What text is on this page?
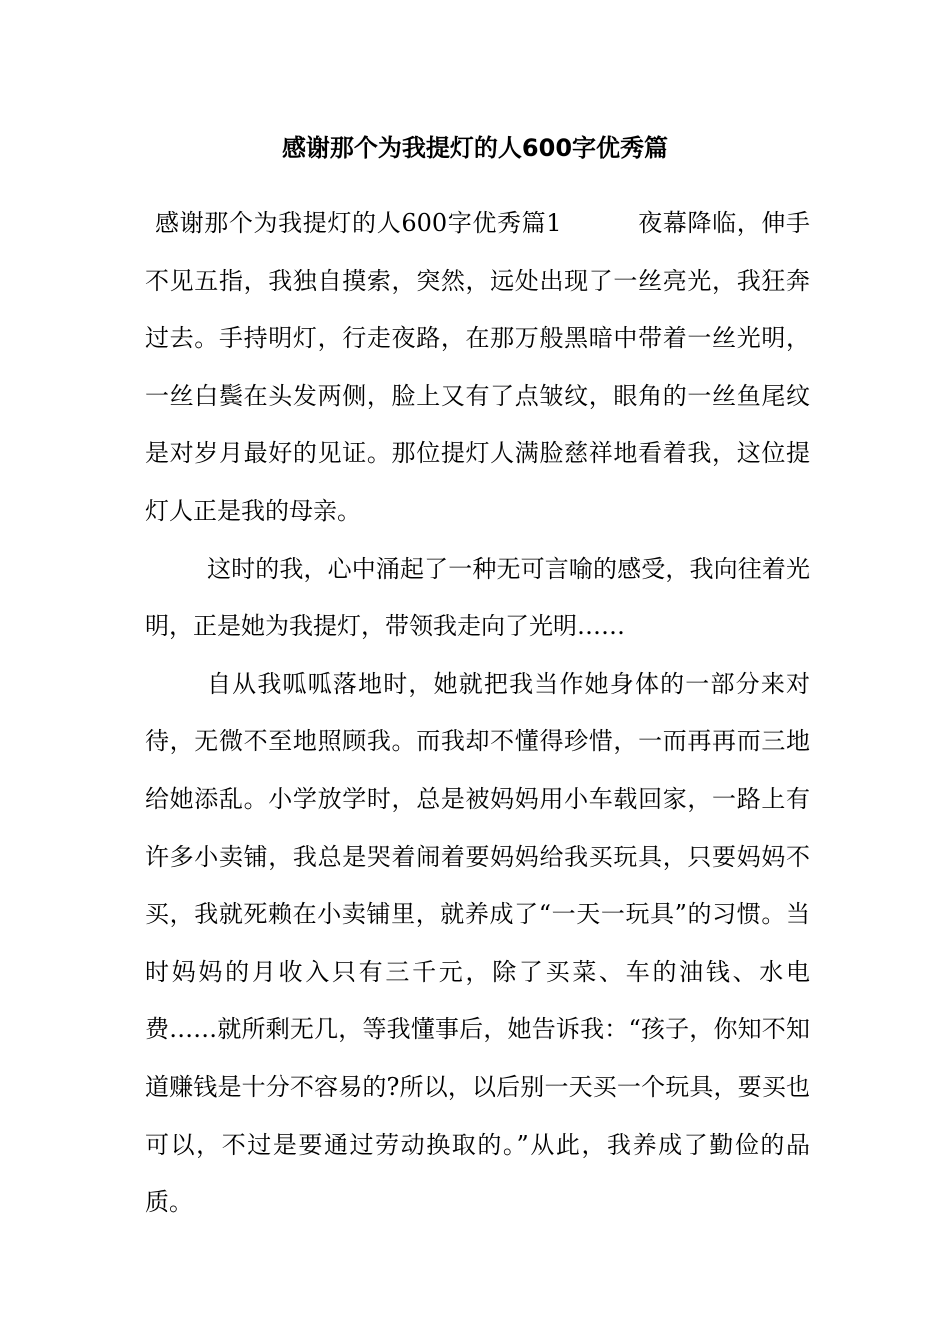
感谢那个为我提灯的人600字优秀篇

感谢那个为我提灯的人600字优秀篇1	夜幕降临，伸手不见五指，我独自摸索，突然，远处出现了一丝亮光，我狂奔过去。手持明灯，行走夜路，在那万般黑暗中带着一丝光明，一丝白鬓在头发两侧，脸上又有了点皱纹，眼角的一丝鱼尾纹是对岁月最好的见证。那位提灯人满脸慈祥地看着我，这位提灯人正是我的母亲。

这时的我，心中涌起了一种无可言喻的感受，我向往着光明，正是她为我提灯，带领我走向了光明……

自从我呱呱落地时，她就把我当作她身体的一部分来对待，无微不至地照顾我。而我却不懂得珍惜，一而再再而三地给她添乱。小学放学时，总是被妈妈用小车载回家，一路上有许多小卖铺，我总是哭着闹着要妈妈给我买玩具，只要妈妈不买，我就死赖在小卖铺里，就养成了“一天一玩具”的习惯。当时妈妈的月收入只有三千元，除了买菜、车的油钱、水电费……就所剩无几，等我懂事后，她告诉我：“孩子，你知不知道赚钱是十分不容易的?所以，以后别一天买一个玩具，要买也可以，不过是要通过劳动换取的。”从此，我养成了勤俭的品质。
